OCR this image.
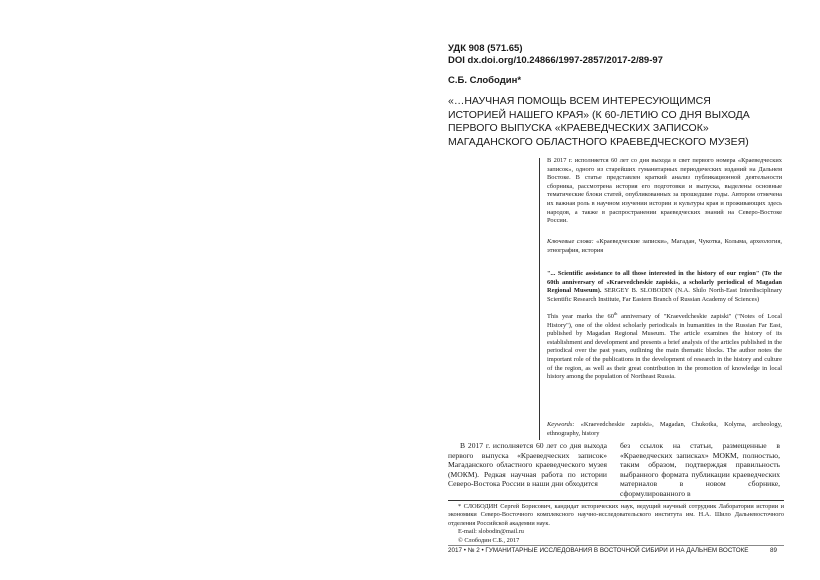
УДК 908 (571.65)
DOI dx.doi.org/10.24866/1997-2857/2017-2/89-97
С.Б. Слободин*
«…НАУЧНАЯ ПОМОЩЬ ВСЕМ ИНТЕРЕСУЮЩИМСЯ
ИСТОРИЕЙ НАШЕГО КРАЯ» (К 60-ЛЕТИЮ СО ДНЯ ВЫХОДА
ПЕРВОГО ВЫПУСКА «КРАЕВЕДЧЕСКИХ ЗАПИСОК»
МАГАДАНСКОГО ОБЛАСТНОГО КРАЕВЕДЧЕСКОГО МУЗЕЯ)
В 2017 г. исполняется 60 лет со дня выхода в свет первого номера «Краеведческих записок», одного из старейших гуманитарных периодических изданий на Дальнем Востоке. В статье представлен краткий анализ публикационной деятельности сборника, рассмотрена история его подготовки и выпуска, выделены основные тематические блоки статей, опубликованных за прошедшие годы. Автором отмечена их важная роль в научном изучении истории и культуры края и проживающих здесь народов, а также в распространении краеведческих знаний на Северо-Востоке России.
Ключевые слова: «Краеведческие записки», Магадан, Чукотка, Колыма, археология, этнография, история
"... Scientific assistance to all those interested in the history of our region" (To the 60th anniversary of «Kraevedcheskie zapiski», a scholarly periodical of Magadan Regional Museum). SERGEY B. SLOBODIN (N.A. Shilo North-East Interdisciplinary Scientific Research Institute, Far Eastern Branch of Russian Academy of Sciences)
This year marks the 60th anniversary of "Kraevedcheskie zapiski" ("Notes of Local History"), one of the oldest scholarly periodicals in humanities in the Russian Far East, published by Magadan Regional Museum. The article examines the history of its establishment and development and presents a brief analysis of the articles published in the periodical over the past years, outlining the main thematic blocks. The author notes the important role of the publications in the development of research in the history and culture of the region, as well as their great contribution in the promotion of knowledge in local history among the population of Northeast Russia.
Keywords: «Kraevedcheskie zapiski», Magadan, Chukotka, Kolyma, archeology, ethnography, history
В 2017 г. исполняется 60 лет со дня выхода первого выпуска «Краеведческих записок» Магаданского областного краеведческого музея (МОКМ). Редкая научная работа по истории Северо-Востока России в наши дни обходится
без ссылок на статьи, размещенные в «Краеведческих записках» МОКМ, полностью, таким образом, подтверждая правильность выбранного формата публикации краеведческих материалов в новом сборнике, сформулированного в

* СЛОБОДИН Сергей Борисович, кандидат исторических наук, ведущий научный сотрудник Лаборатории истории и экономики Северо-Восточного комплексного научно-исследовательского института им. Н.А. Шило Дальневосточного отделения Российской академии наук.

E-mail: slobodin@mail.ru

© Слободин С.Б., 2017

2017 • № 2 • ГУМАНИТАРНЫЕ ИССЛЕДОВАНИЯ В ВОСТОЧНОЙ СИБИРИ И НА ДАЛЬНЕМ ВОСТОКЕ	89
